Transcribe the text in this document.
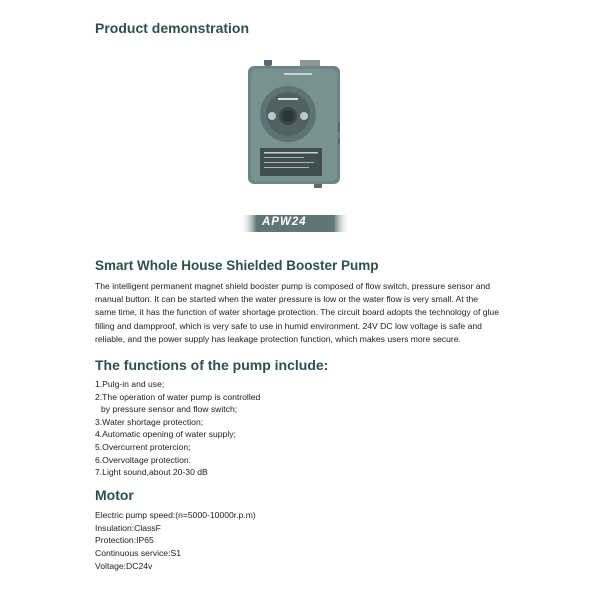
Product demonstration
APW24
Smart Whole House Shielded Booster Pump

The intelligent permanent magnet shield booster pump is composed of flow switch, pressure sensor and manual button. It can be started when the water pressure is low or the water flow is very small. At the same time, it has the function of water shortage protection. The circuit board adopts the technology of glue filling and dampproof, which is very safe to use in humid environment. 24V DC low voltage is safe and reliable, and the power supply has leakage protection function, which makes users more secure.

The functions of the pump include:
1.Pulg-in and use;
2.The operation of water pump is controlled
by pressure sensor and flow switch;
3.Water shortage protection;
4.Automatic opening of water supply;
5.Overcurrent protercion;
6.Overvoltage protection.
7.Light sound,about 20-30 dB
Motor
Electric pump speed:(n=5000-10000r.p.m)
Insulation:ClassF
Protection:IP65
Continuous service:S1
Voltage:DC24v
